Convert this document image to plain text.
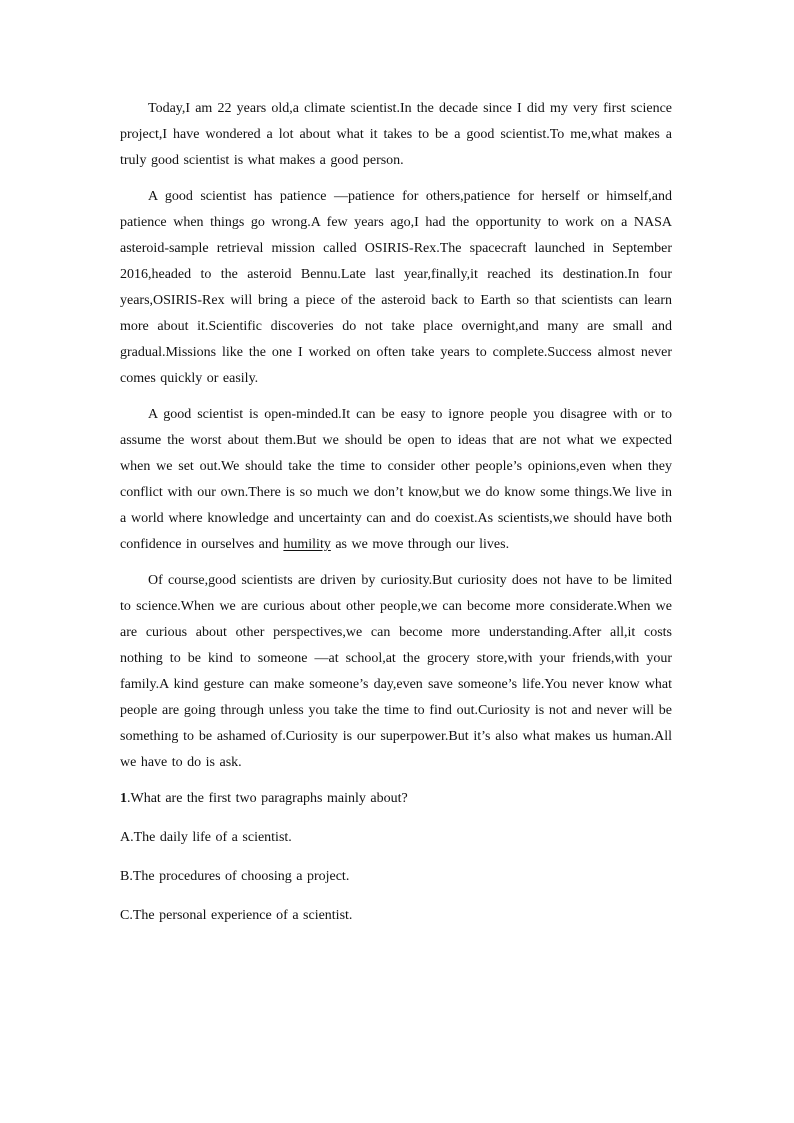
Today,I am 22 years old,a climate scientist.In the decade since I did my very first science project,I have wondered a lot about what it takes to be a good scientist.To me,what makes a truly good scientist is what makes a good person.

A good scientist has patience —patience for others,patience for herself or himself,and patience when things go wrong.A few years ago,I had the opportunity to work on a NASA asteroid-sample retrieval mission called OSIRIS-Rex.The spacecraft launched in September 2016,headed to the asteroid Bennu.Late last year,finally,it reached its destination.In four years,OSIRIS-Rex will bring a piece of the asteroid back to Earth so that scientists can learn more about it.Scientific discoveries do not take place overnight,and many are small and gradual.Missions like the one I worked on often take years to complete.Success almost never comes quickly or easily.

A good scientist is open-minded.It can be easy to ignore people you disagree with or to assume the worst about them.But we should be open to ideas that are not what we expected when we set out.We should take the time to consider other people’s opinions,even when they conflict with our own.There is so much we don’t know,but we do know some things.We live in a world where knowledge and uncertainty can and do coexist.As scientists,we should have both confidence in ourselves and humility as we move through our lives.

Of course,good scientists are driven by curiosity.But curiosity does not have to be limited to science.When we are curious about other people,we can become more considerate.When we are curious about other perspectives,we can become more understanding.After all,it costs nothing to be kind to someone —at school,at the grocery store,with your friends,with your family.A kind gesture can make someone’s day,even save someone’s life.You never know what people are going through unless you take the time to find out.Curiosity is not and never will be something to be ashamed of.Curiosity is our superpower.But it’s also what makes us human.All we have to do is ask.

1.What are the first two paragraphs mainly about?
A.The daily life of a scientist.
B.The procedures of choosing a project.
C.The personal experience of a scientist.
